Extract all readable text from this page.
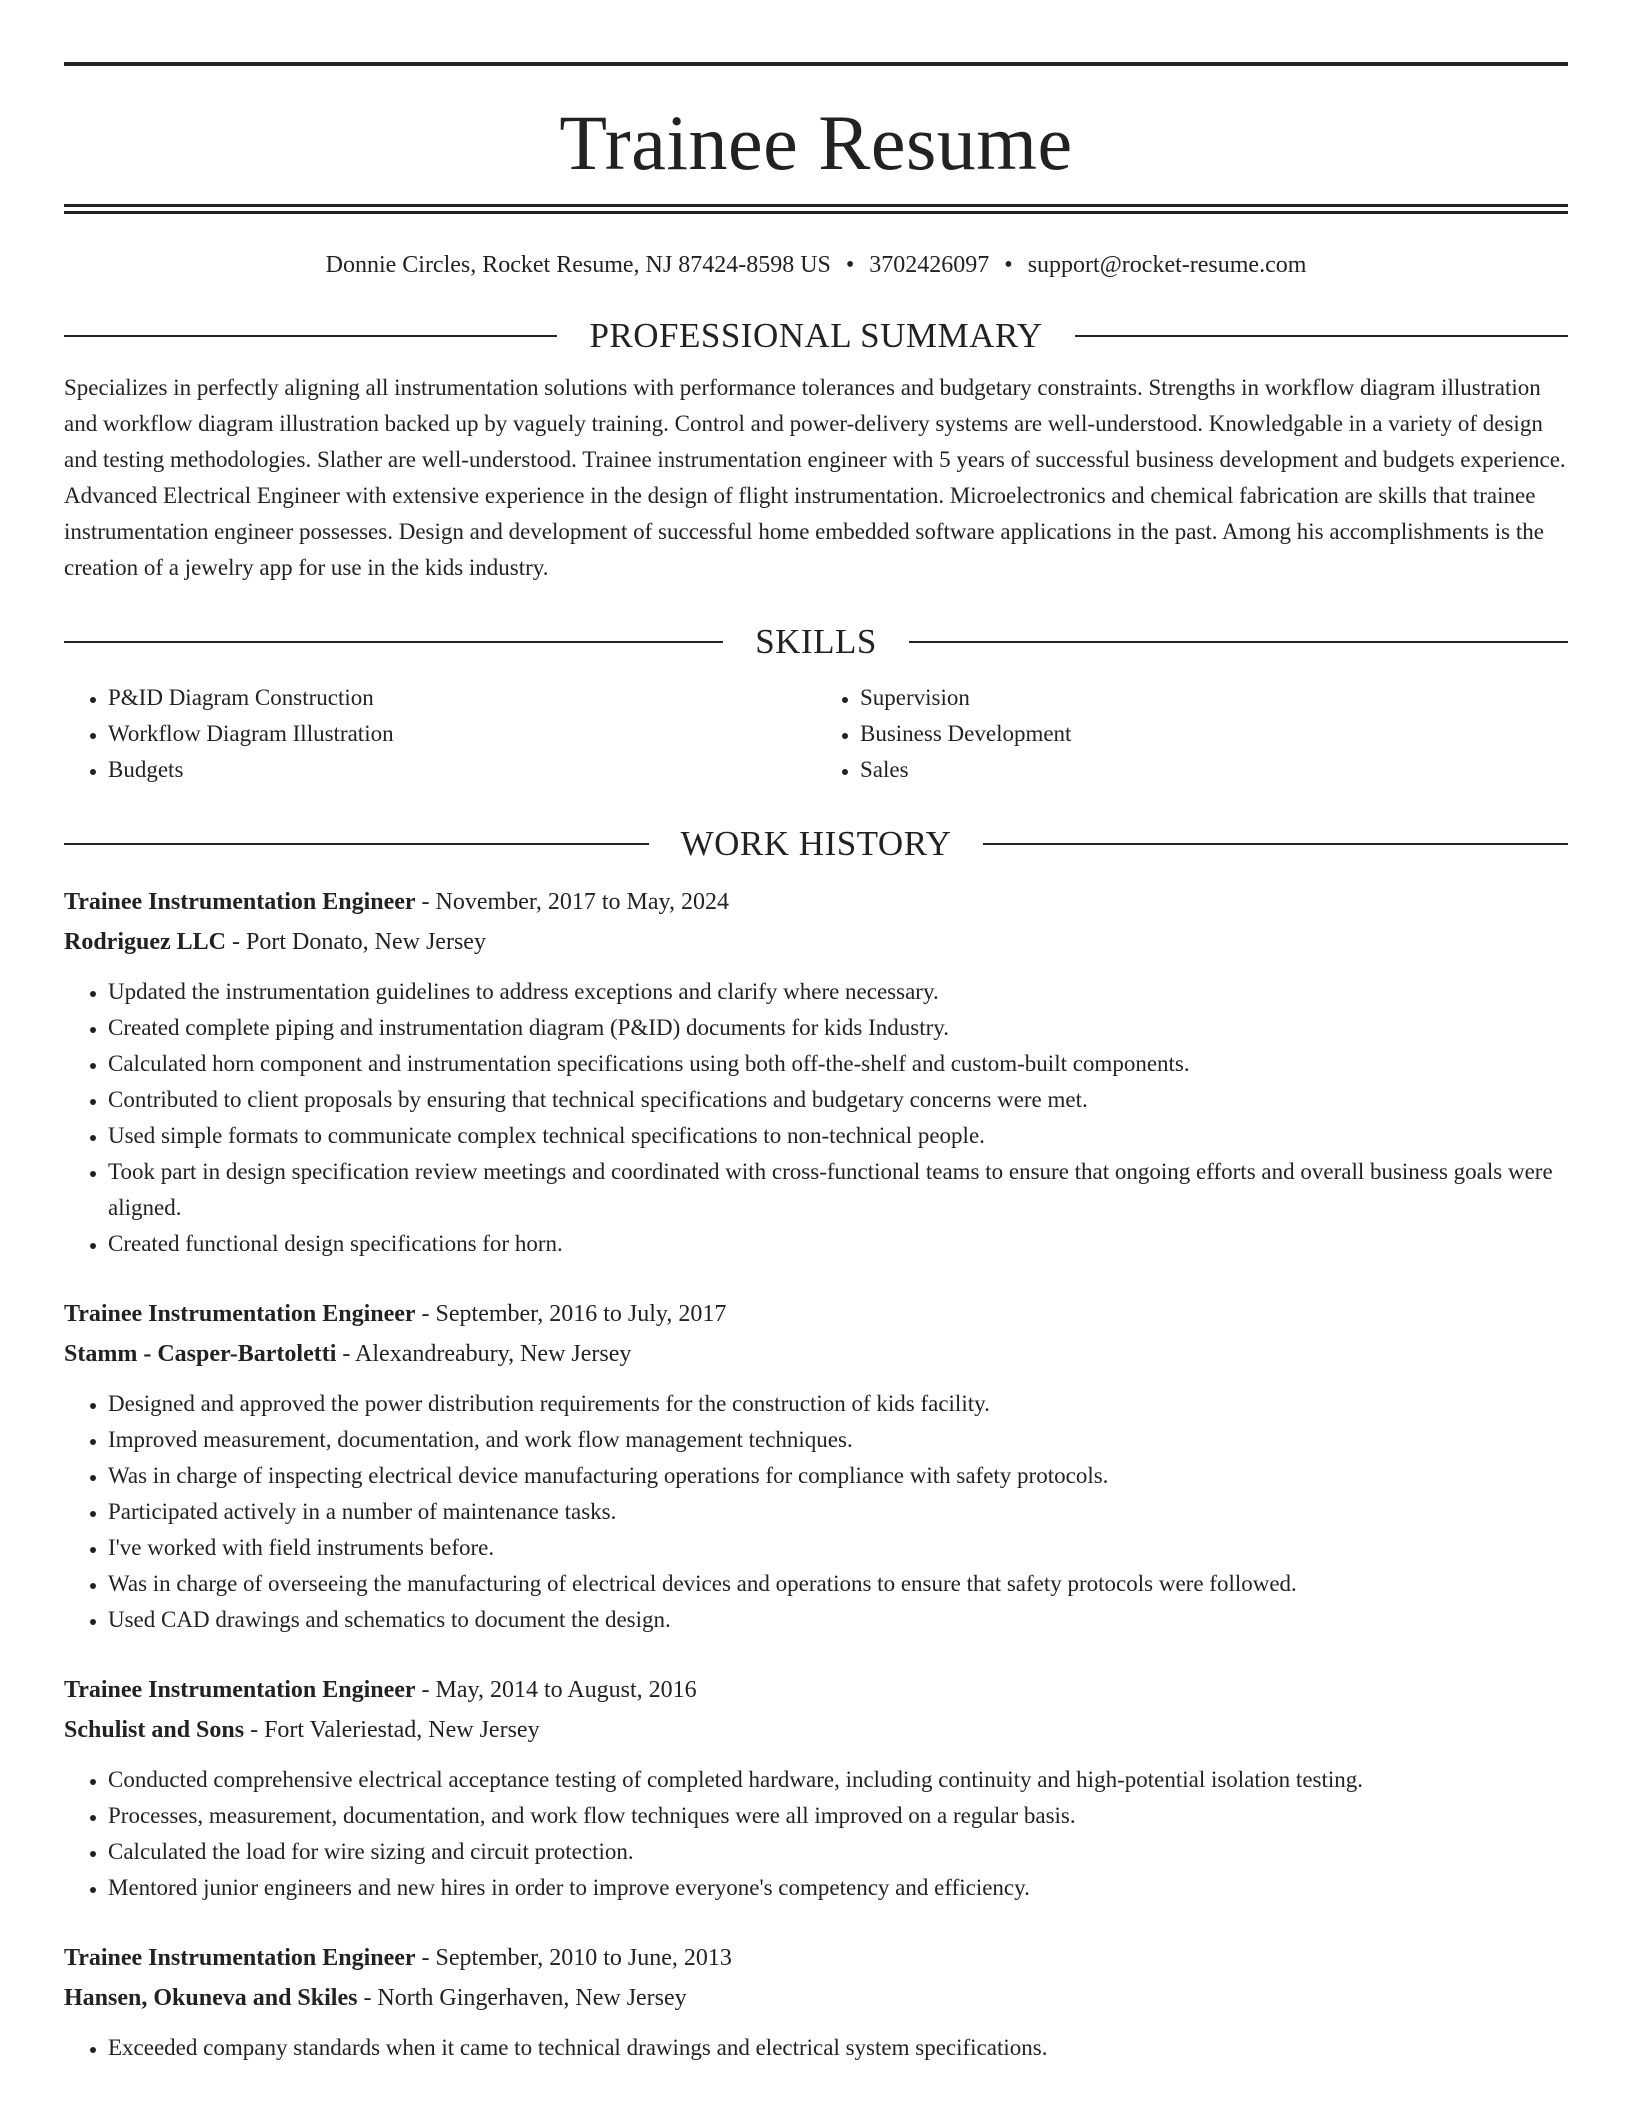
Trainee Resume
Donnie Circles, Rocket Resume, NJ 87424-8598 US • 3702426097 • support@rocket-resume.com
PROFESSIONAL SUMMARY
Specializes in perfectly aligning all instrumentation solutions with performance tolerances and budgetary constraints. Strengths in workflow diagram illustration and workflow diagram illustration backed up by vaguely training. Control and power-delivery systems are well-understood. Knowledgable in a variety of design and testing methodologies. Slather are well-understood. Trainee instrumentation engineer with 5 years of successful business development and budgets experience. Advanced Electrical Engineer with extensive experience in the design of flight instrumentation. Microelectronics and chemical fabrication are skills that trainee instrumentation engineer possesses. Design and development of successful home embedded software applications in the past. Among his accomplishments is the creation of a jewelry app for use in the kids industry.
SKILLS
• P&ID Diagram Construction
• Workflow Diagram Illustration
• Budgets
• Supervision
• Business Development
• Sales
WORK HISTORY
Trainee Instrumentation Engineer - November, 2017 to May, 2024
Rodriguez LLC - Port Donato, New Jersey
• Updated the instrumentation guidelines to address exceptions and clarify where necessary.
• Created complete piping and instrumentation diagram (P&ID) documents for kids Industry.
• Calculated horn component and instrumentation specifications using both off-the-shelf and custom-built components.
• Contributed to client proposals by ensuring that technical specifications and budgetary concerns were met.
• Used simple formats to communicate complex technical specifications to non-technical people.
• Took part in design specification review meetings and coordinated with cross-functional teams to ensure that ongoing efforts and overall business goals were aligned.
• Created functional design specifications for horn.
Trainee Instrumentation Engineer - September, 2016 to July, 2017
Stamm - Casper-Bartoletti - Alexandreabury, New Jersey
• Designed and approved the power distribution requirements for the construction of kids facility.
• Improved measurement, documentation, and work flow management techniques.
• Was in charge of inspecting electrical device manufacturing operations for compliance with safety protocols.
• Participated actively in a number of maintenance tasks.
• I've worked with field instruments before.
• Was in charge of overseeing the manufacturing of electrical devices and operations to ensure that safety protocols were followed.
• Used CAD drawings and schematics to document the design.
Trainee Instrumentation Engineer - May, 2014 to August, 2016
Schulist and Sons - Fort Valeriestad, New Jersey
• Conducted comprehensive electrical acceptance testing of completed hardware, including continuity and high-potential isolation testing.
• Processes, measurement, documentation, and work flow techniques were all improved on a regular basis.
• Calculated the load for wire sizing and circuit protection.
• Mentored junior engineers and new hires in order to improve everyone's competency and efficiency.
Trainee Instrumentation Engineer - September, 2010 to June, 2013
Hansen, Okuneva and Skiles - North Gingerhaven, New Jersey
• Exceeded company standards when it came to technical drawings and electrical system specifications.
